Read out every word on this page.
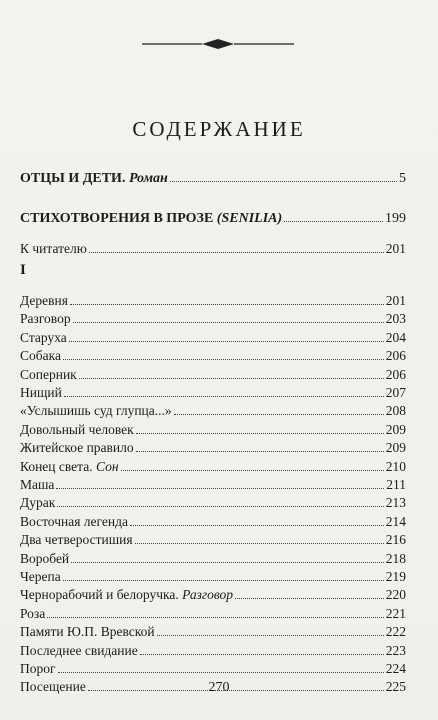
СОДЕРЖАНИЕ
ОТЦЫ И ДЕТИ. Роман	5
СТИХОТВОРЕНИЯ В ПРОЗЕ (SENILIA)	199
К читателю	201
Деревня	201
Разговор	203
Старуха	204
Собака	206
Соперник	206
Нищий	207
«Услышишь суд глупца...»	208
Довольный человек	209
Житейское правило	209
Конец света. Сон	210
Маша	211
Дурак	213
Восточная легенда	214
Два четверостишия	216
Воробей	218
Черепа	219
Чернорабочий и белоручка. Разговор	220
Роза	221
Памяти Ю.П. Вревской	222
Последнее свидание	223
Порог	224
Посещение	225
I
270
